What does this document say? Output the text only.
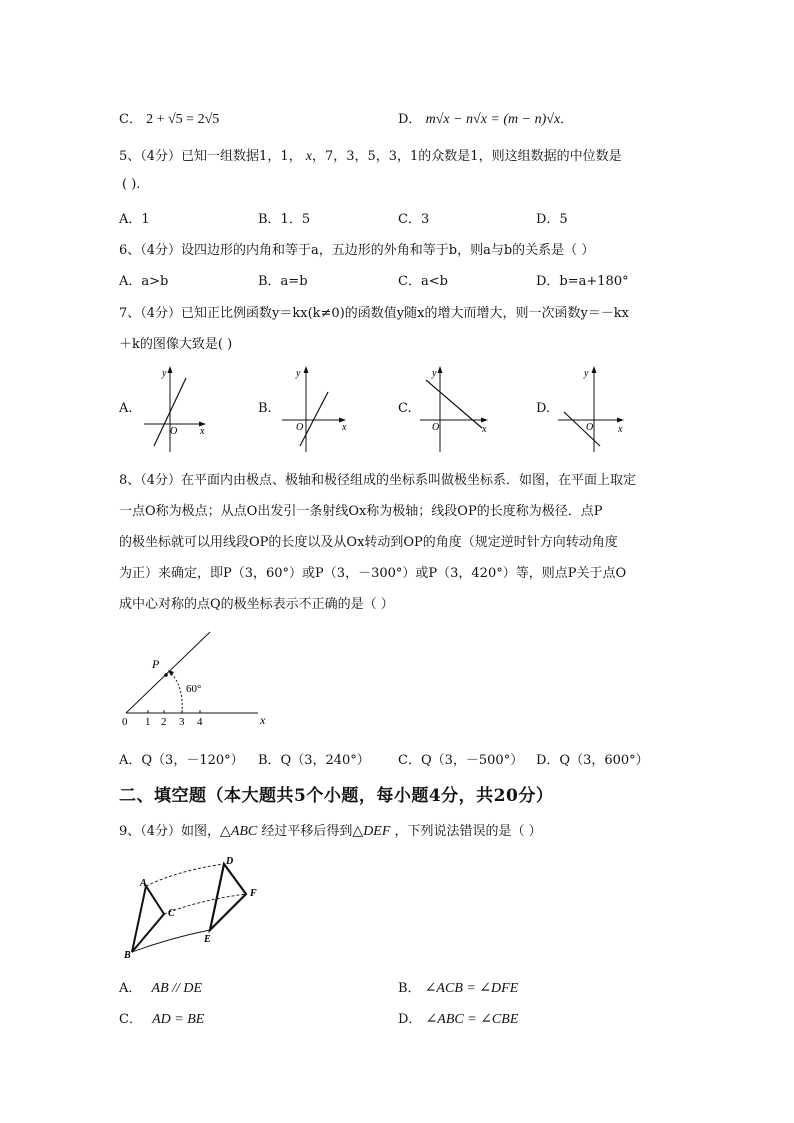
C． 2 + √5 = 2√5	D． m√x − n√x = (m − n)√x．
5、（4分）已知一组数据1，1， x，7，3，5，3，1的众数是1，则这组数据的中位数是
( ).
A．1	B．1．5	C．3	D．5
6、（4分）设四边形的内角和等于a，五边形的外角和等于b，则a与b的关系是（ ）
A．a>b	B．a=b	C．a<b	D．b=a+180°
7、（4分）已知正比例函数y＝kx(k≠0)的函数值y随x的增大而增大，则一次函数y＝－kx
＋k的图像大致是( )
A.
y
x
O
B.
y
x
O
C.
y
x
O
D.
y
x
O
8、（4分）在平面内由极点、极轴和极径组成的坐标系叫做极坐标系．如图，在平面上取定
一点O称为极点；从点O出发引一条射线Ox称为极轴；线段OP的长度称为极径．点P
的极坐标就可以用线段OP的长度以及从Ox转动到OP的角度（规定逆时针方向转动角度
为正）来确定，即P（3，60°）或P（3，－300°）或P（3，420°）等，则点P关于点O
成中心对称的点Q的极坐标表示不正确的是（ ）
P
60°
x
0 1 2 3 4
A．Q（3，－120°） B．Q（3，240°） C．Q（3，－500°） D．Q（3，600°）
二、填空题（本大题共5个小题，每小题4分，共20分）
9、（4分）如图，△ABC 经过平移后得到△DEF ，下列说法错误的是（ ）
A
B
C
D
E
F
A． AB // DE	B． ∠ACB = ∠DFE
C． AD = BE	D． ∠ABC = ∠CBE
